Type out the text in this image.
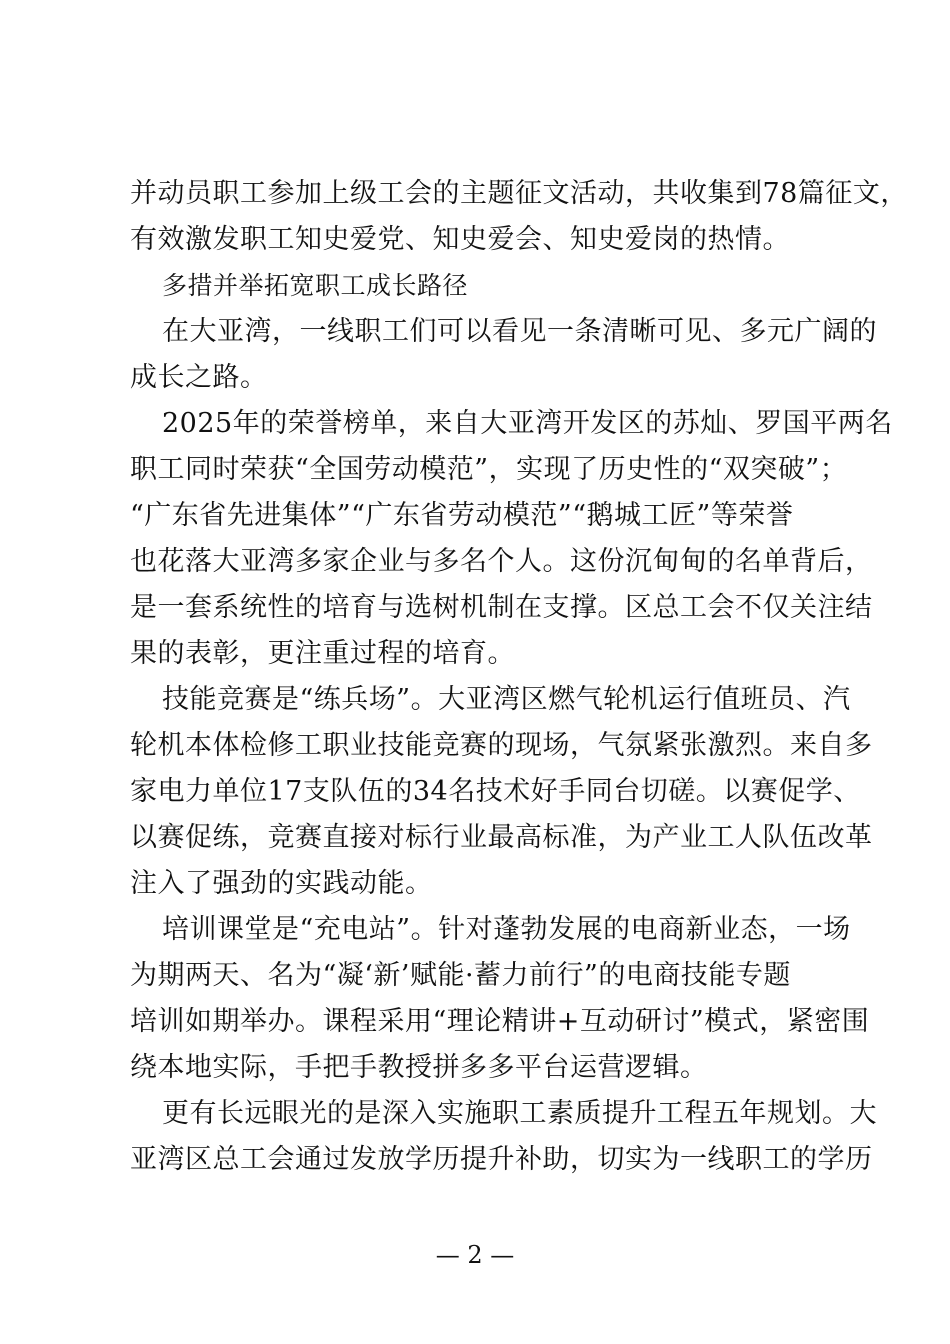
并动员职工参加上级工会的主题征文活动，共收集到78篇征文，
有效激发职工知史爱党、知史爱会、知史爱岗的热情。
多措并举拓宽职工成长路径
在大亚湾，一线职工们可以看见一条清晰可见、多元广阔的
成长之路。
2025年的荣誉榜单，来自大亚湾开发区的苏灿、罗国平两名
职工同时荣获“全国劳动模范”，实现了历史性的“双突破”；
“广东省先进集体”“广东省劳动模范”“鹅城工匠”等荣誉
也花落大亚湾多家企业与多名个人。这份沉甸甸的名单背后，
是一套系统性的培育与选树机制在支撑。区总工会不仅关注结
果的表彰，更注重过程的培育。
技能竞赛是“练兵场”。大亚湾区燃气轮机运行值班员、汽
轮机本体检修工职业技能竞赛的现场，气氛紧张激烈。来自多
家电力单位17支队伍的34名技术好手同台切磋。以赛促学、
以赛促练，竞赛直接对标行业最高标准，为产业工人队伍改革
注入了强劲的实践动能。
培训课堂是“充电站”。针对蓬勃发展的电商新业态，一场
为期两天、名为“凝‘新’赋能·蓄力前行”的电商技能专题
培训如期举办。课程采用“理论精讲+互动研讨”模式，紧密围
绕本地实际，手把手教授拼多多平台运营逻辑。
更有长远眼光的是深入实施职工素质提升工程五年规划。大
亚湾区总工会通过发放学历提升补助，切实为一线职工的学历
— 2 —
